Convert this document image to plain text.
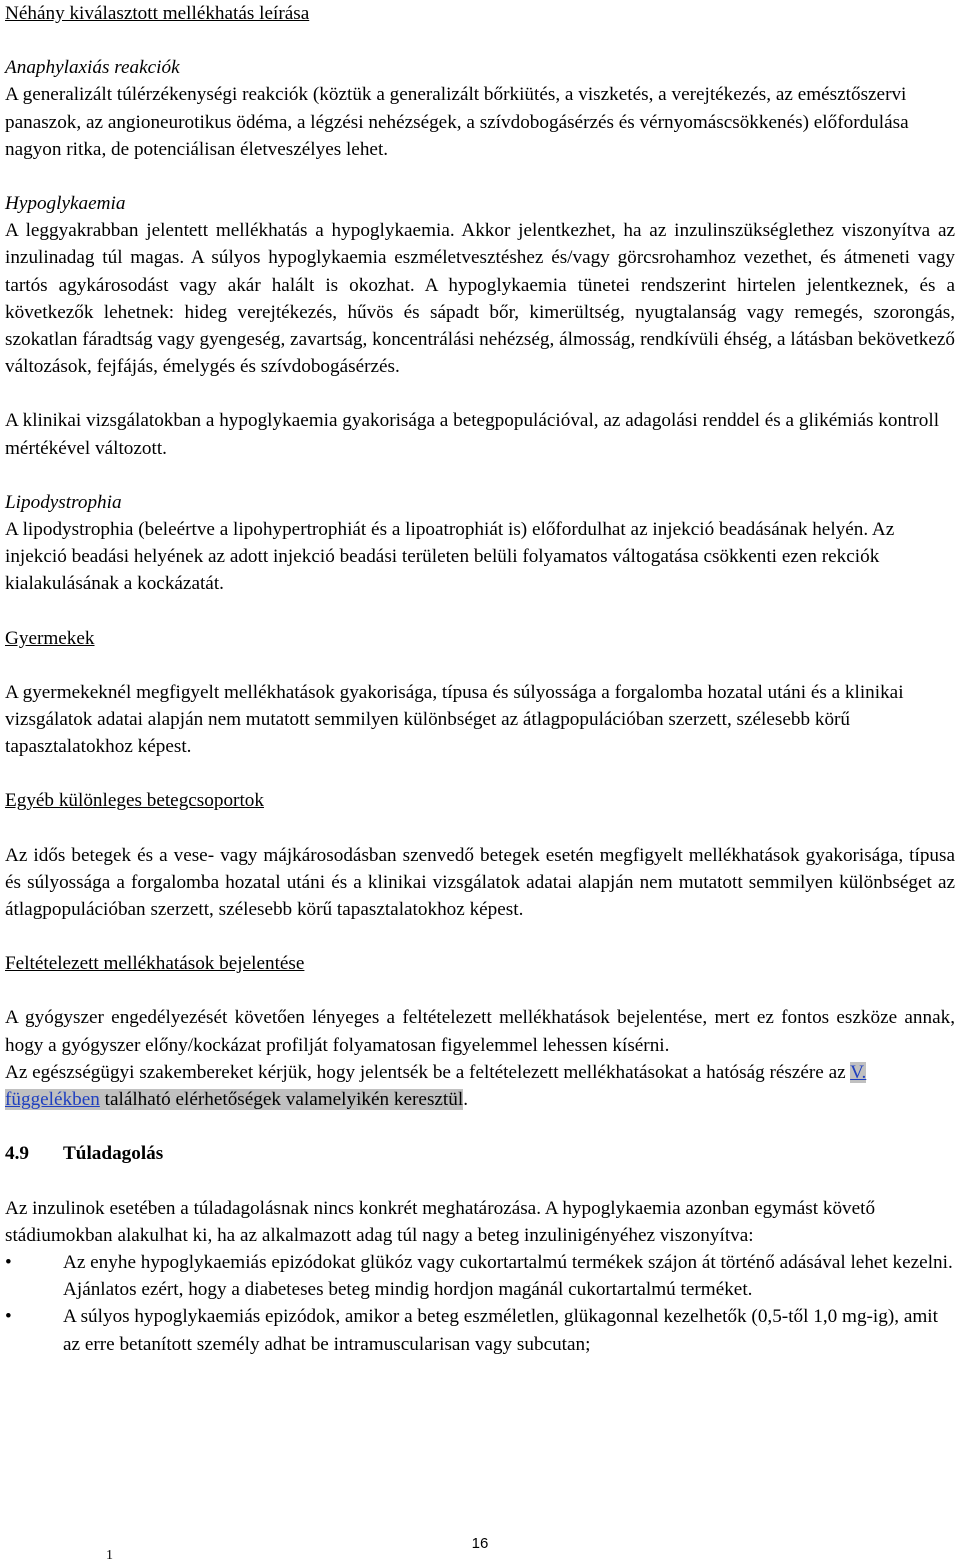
Néhány kiválasztott mellékhatás leírása

Anaphylaxiás reakciók

A generalizált túlérzékenységi reakciók (köztük a generalizált bőrkiütés, a viszketés, a verejtékezés, az emésztőszervi panaszok, az angioneurotikus ödéma, a légzési nehézségek, a szívdobogásérzés és vérnyomáscsökkenés) előfordulása nagyon ritka, de potenciálisan életveszélyes lehet.

Hypoglykaemia

A leggyakrabban jelentett mellékhatás a hypoglykaemia. Akkor jelentkezhet, ha az inzulinszükséglethez viszonyítva az inzulinadag túl magas. A súlyos hypoglykaemia eszméletvesztéshez és/vagy görcsrohamhoz vezethet, és átmeneti vagy tartós agykárosodást vagy akár halált is okozhat. A hypoglykaemia tünetei rendszerint hirtelen jelentkeznek, és a következők lehetnek: hideg verejtékezés, hűvös és sápadt bőr, kimerültség, nyugtalanság vagy remegés, szorongás, szokatlan fáradtság vagy gyengeség, zavartság, koncentrálási nehézség, álmosság, rendkívüli éhség, a látásban bekövetkező változások, fejfájás, émelygés és szívdobogásérzés.

A klinikai vizsgálatokban a hypoglykaemia gyakorisága a betegpopulációval, az adagolási renddel és a glikémiás kontroll mértékével változott.

Lipodystrophia

A lipodystrophia (beleértve a lipohypertrophiát és a lipoatrophiát is) előfordulhat az injekció beadásának helyén. Az injekció beadási helyének az adott injekció beadási területen belüli folyamatos váltogatása csökkenti ezen rekciók kialakulásának a kockázatát.

Gyermekek

A gyermekeknél megfigyelt mellékhatások gyakorisága, típusa és súlyossága a forgalomba hozatal utáni és a klinikai vizsgálatok adatai alapján nem mutatott semmilyen különbséget az átlagpopulációban szerzett, szélesebb körű tapasztalatokhoz képest.

Egyéb különleges betegcsoportok

Az idős betegek és a vese- vagy májkárosodásban szenvedő betegek esetén megfigyelt mellékhatások gyakorisága, típusa és súlyossága a forgalomba hozatal utáni és a klinikai vizsgálatok adatai alapján nem mutatott semmilyen különbséget az átlagpopulációban szerzett, szélesebb körű tapasztalatokhoz képest.

Feltételezett mellékhatások bejelentése

A gyógyszer engedélyezését követően lényeges a feltételezett mellékhatások bejelentése, mert ez fontos eszköze annak, hogy a gyógyszer előny/kockázat profilját folyamatosan figyelemmel lehessen kísérni.

Az egészségügyi szakembereket kérjük, hogy jelentsék be a feltételezett mellékhatásokat a hatóság részére az V. függelékben található elérhetőségek valamelyikén keresztül.

4.9 Túladagolás

Az inzulinok esetében a túladagolásnak nincs konkrét meghatározása. A hypoglykaemia azonban egymást követő stádiumokban alakulhat ki, ha az alkalmazott adag túl nagy a beteg inzulinigényéhez viszonyítva:

•	Az enyhe hypoglykaemiás epizódokat glükóz vagy cukortartalmú termékek szájon át történő adásával lehet kezelni. Ajánlatos ezért, hogy a diabeteses beteg mindig hordjon magánál cukortartalmú terméket.
•	A súlyos hypoglykaemiás epizódok, amikor a beteg eszméletlen, glükagonnal kezelhetők (0,5-től 1,0 mg-ig), amit az erre betanított személy adhat be intramuscularisan vagy subcutan;
16
1
